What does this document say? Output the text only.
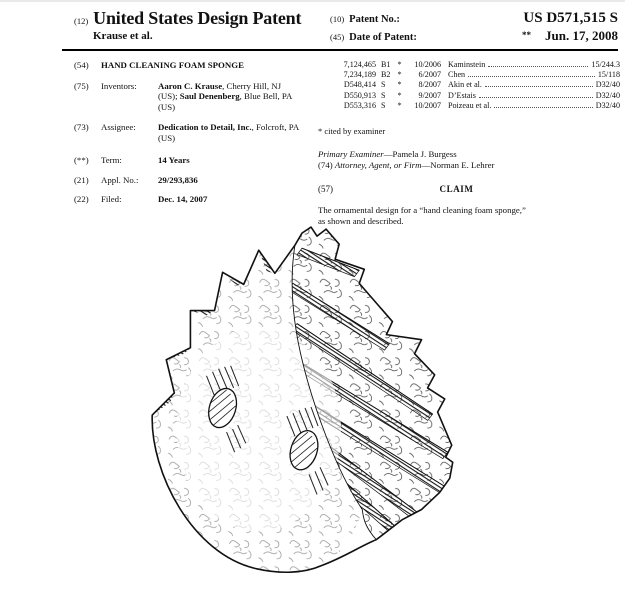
(12) United States Design Patent
Krause et al.
(10) Patent No.:	US D571,515 S
(45) Date of Patent:	** Jun. 17, 2008
(54)	HAND CLEANING FOAM SPONGE
(75)	Inventors:	Aaron C. Krause, Cherry Hill, NJ
(US); Saul Denenberg, Blue Bell, PA
(US)
(73)	Assignee:	Dedication to Detail, Inc., Folcroft, PA
(US)
(**)	Term:	14 Years
(21)	Appl. No.:	29/293,836
(22)	Filed:	Dec. 14, 2007
7,124,465 B1 *	10/2006 Kaminstein	15/244.3
7,234,189 B2 *	6/2007 Chen	15/118
D548,414 S	*	8/2007 Akin et al.	D32/40
D550,913 S	*	9/2007 D’Estais	D32/40
D553,316 S	*	10/2007 Poizeau et al.	D32/40
* cited by examiner
Primary Examiner—Pamela J. Burgess
(74) Attorney, Agent, or Firm—Norman E. Lehrer
(57)	CLAIM
The ornamental design for a “hand cleaning foam sponge,”
as shown and described.
